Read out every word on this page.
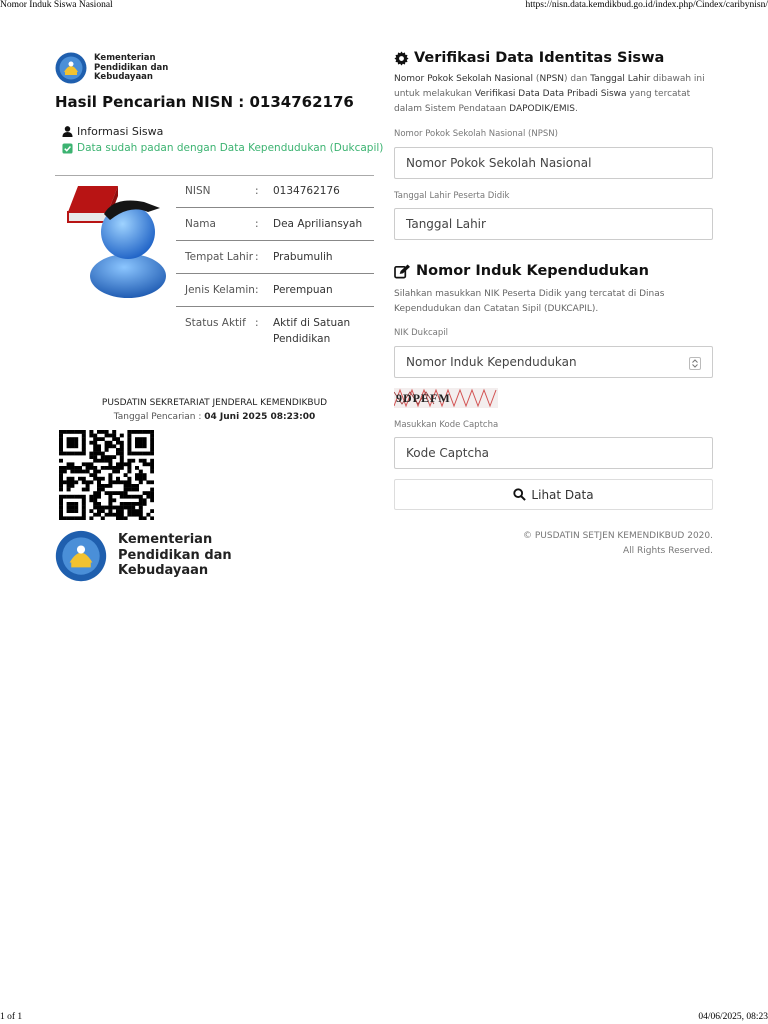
Nomor Induk Siswa Nasional	https://nisn.data.kemdikbud.go.id/index.php/Cindex/caribynisn/
Kementerian
Pendidikan dan
Kebudayaan
Hasil Pencarian NISN : 0134762176
Informasi Siswa
Data sudah padan dengan Data Kependudukan (Dukcapil)
NISN	:	0134762176
Nama	:	Dea Apriliansyah
Tempat Lahir	:	Prabumulih
Jenis Kelamin	:	Perempuan
Status Aktif	:	Aktif di Satuan Pendidikan
PUSDATIN SEKRETARIAT JENDERAL KEMENDIKBUD
Tanggal Pencarian : 04 Juni 2025 08:23:00
Kementerian
Pendidikan dan
Kebudayaan
Verifikasi Data Identitas Siswa
Nomor Pokok Sekolah Nasional (NPSN) dan Tanggal Lahir dibawah ini untuk melakukan Verifikasi Data Data Pribadi Siswa yang tercatat dalam Sistem Pendataan DAPODIK/EMIS.
Nomor Pokok Sekolah Nasional (NPSN)
Nomor Pokok Sekolah Nasional
Tanggal Lahir Peserta Didik
Tanggal Lahir
Nomor Induk Kependudukan
Silahkan masukkan NIK Peserta Didik yang tercatat di Dinas Kependudukan dan Catatan Sipil (DUKCAPIL).
NIK Dukcapil
Nomor Induk Kependudukan
9DPEFM
Masukkan Kode Captcha
Kode Captcha
Lihat Data
© PUSDATIN SETJEN KEMENDIKBUD 2020.
All Rights Reserved.
1 of 1	04/06/2025, 08:23
